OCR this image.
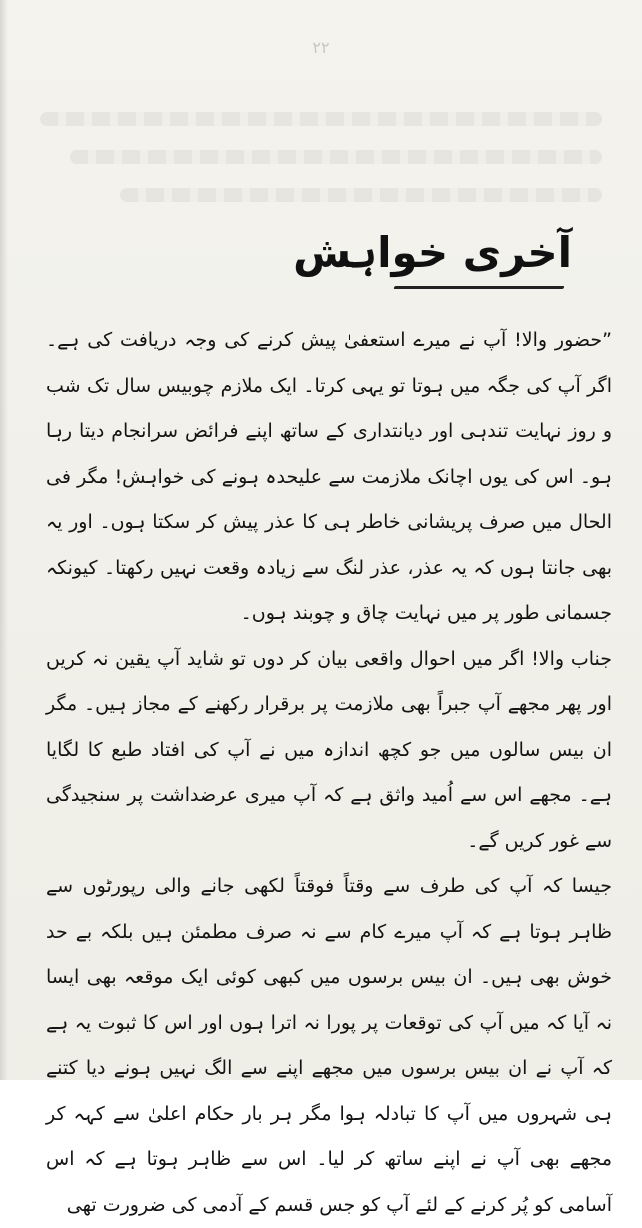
۲۲
آخری خواہش

”حضور والا! آپ نے میرے استعفیٰ پیش کرنے کی وجہ دریافت کی ہے۔ اگر آپ کی جگہ میں ہوتا تو یہی کرتا۔ ایک ملازم چوبیس سال تک شب و روز نہایت تندہی اور دیانتداری کے ساتھ اپنے فرائض سرانجام دیتا رہا ہو۔ اس کی یوں اچانک ملازمت سے علیحدہ ہونے کی خواہش! مگر فی الحال میں صرف پریشانی خاطر ہی کا عذر پیش کر سکتا ہوں۔ اور یہ بھی جانتا ہوں کہ یہ عذر، عذر لنگ سے زیادہ وقعت نہیں رکھتا۔ کیونکہ جسمانی طور پر میں نہایت چاق و چوبند ہوں۔

جناب والا! اگر میں احوال واقعی بیان کر دوں تو شاید آپ یقین نہ کریں اور پھر مجھے آپ جبراً بھی ملازمت پر برقرار رکھنے کے مجاز ہیں۔ مگر ان بیس سالوں میں جو کچھ اندازہ میں نے آپ کی افتاد طبع کا لگایا ہے۔ مجھے اس سے اُمید واثق ہے کہ آپ میری عرضداشت پر سنجیدگی سے غور کریں گے۔

جیسا کہ آپ کی طرف سے وقتاً فوقتاً لکھی جانے والی رپورٹوں سے ظاہر ہوتا ہے کہ آپ میرے کام سے نہ صرف مطمئن ہیں بلکہ بے حد خوش بھی ہیں۔ ان بیس برسوں میں کبھی کوئی ایک موقعہ بھی ایسا نہ آیا کہ میں آپ کی توقعات پر پورا نہ اترا ہوں اور اس کا ثبوت یہ ہے کہ آپ نے ان بیس برسوں میں مجھے اپنے سے الگ نہیں ہونے دیا کتنے ہی شہروں میں آپ کا تبادلہ ہوا مگر ہر بار حکام اعلیٰ سے کہہ کر مجھے بھی آپ نے اپنے ساتھ کر لیا۔ اس سے ظاہر ہوتا ہے کہ اس آسامی کو پُر کرنے کے لئے آپ کو جس قسم کے آدمی کی ضرورت تھی
